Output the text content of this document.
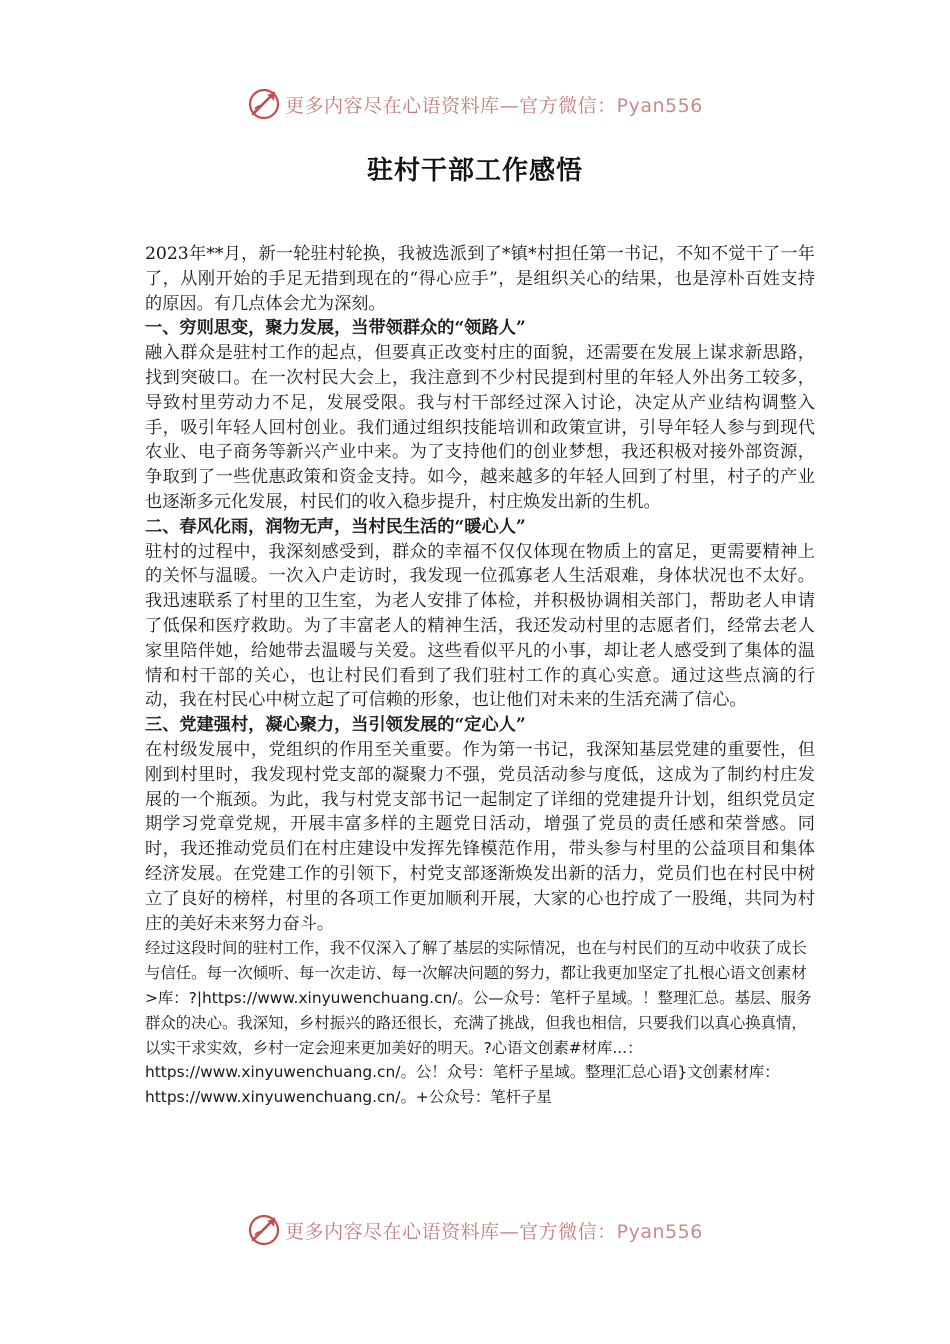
更多内容尽在心语资料库—官方微信：Pyan556
驻村干部工作感悟

2023年**月，新一轮驻村轮换，我被选派到了*镇*村担任第一书记，不知不觉干了一年了，从刚开始的手足无措到现在的“得心应手”，是组织关心的结果，也是淳朴百姓支持的原因。有几点体会尤为深刻。

一、穷则思变，聚力发展，当带领群众的“领路人”

融入群众是驻村工作的起点，但要真正改变村庄的面貌，还需要在发展上谋求新思路，找到突破口。在一次村民大会上，我注意到不少村民提到村里的年轻人外出务工较多，导致村里劳动力不足，发展受限。我与村干部经过深入讨论，决定从产业结构调整入手，吸引年轻人回村创业。我们通过组织技能培训和政策宣讲，引导年轻人参与到现代农业、电子商务等新兴产业中来。为了支持他们的创业梦想，我还积极对接外部资源，争取到了一些优惠政策和资金支持。如今，越来越多的年轻人回到了村里，村子的产业也逐渐多元化发展，村民们的收入稳步提升，村庄焕发出新的生机。

二、春风化雨，润物无声，当村民生活的“暖心人”

驻村的过程中，我深刻感受到，群众的幸福不仅仅体现在物质上的富足，更需要精神上的关怀与温暖。一次入户走访时，我发现一位孤寡老人生活艰难，身体状况也不太好。我迅速联系了村里的卫生室，为老人安排了体检，并积极协调相关部门，帮助老人申请了低保和医疗救助。为了丰富老人的精神生活，我还发动村里的志愿者们，经常去老人家里陪伴她，给她带去温暖与关爱。这些看似平凡的小事，却让老人感受到了集体的温情和村干部的关心，也让村民们看到了我们驻村工作的真心实意。通过这些点滴的行动，我在村民心中树立起了可信赖的形象，也让他们对未来的生活充满了信心。

三、党建强村，凝心聚力，当引领发展的“定心人”

在村级发展中，党组织的作用至关重要。作为第一书记，我深知基层党建的重要性，但刚到村里时，我发现村党支部的凝聚力不强，党员活动参与度低，这成为了制约村庄发展的一个瓶颈。为此，我与村党支部书记一起制定了详细的党建提升计划，组织党员定期学习党章党规，开展丰富多样的主题党日活动，增强了党员的责任感和荣誉感。同时，我还推动党员们在村庄建设中发挥先锋模范作用，带头参与村里的公益项目和集体经济发展。在党建工作的引领下，村党支部逐渐焕发出新的活力，党员们也在村民中树立了良好的榜样，村里的各项工作更加顺利开展，大家的心也拧成了一股绳，共同为村庄的美好未来努力奋斗。

经过这段时间的驻村工作，我不仅深入了解了基层的实际情况，也在与村民们的互动中收获了成长与信任。每一次倾听、每一次走访、每一次解决问题的努力，都让我更加坚定了扎根心语文创素材>库：?|https://www.xinyuwenchuang.cn/。公—众号：笔杆子星域。！整理汇总。基层、服务群众的决心。我深知，乡村振兴的路还很长，充满了挑战，但我也相信，只要我们以真心换真情，以实干求实效，乡村一定会迎来更加美好的明天。?心语文创素#材库...：https://www.xinyuwenchuang.cn/。公！众号：笔杆子星域。整理汇总心语}文创素材库：https://www.xinyuwenchuang.cn/。+公众号：笔杆子星

更多内容尽在心语资料库—官方微信：Pyan556
